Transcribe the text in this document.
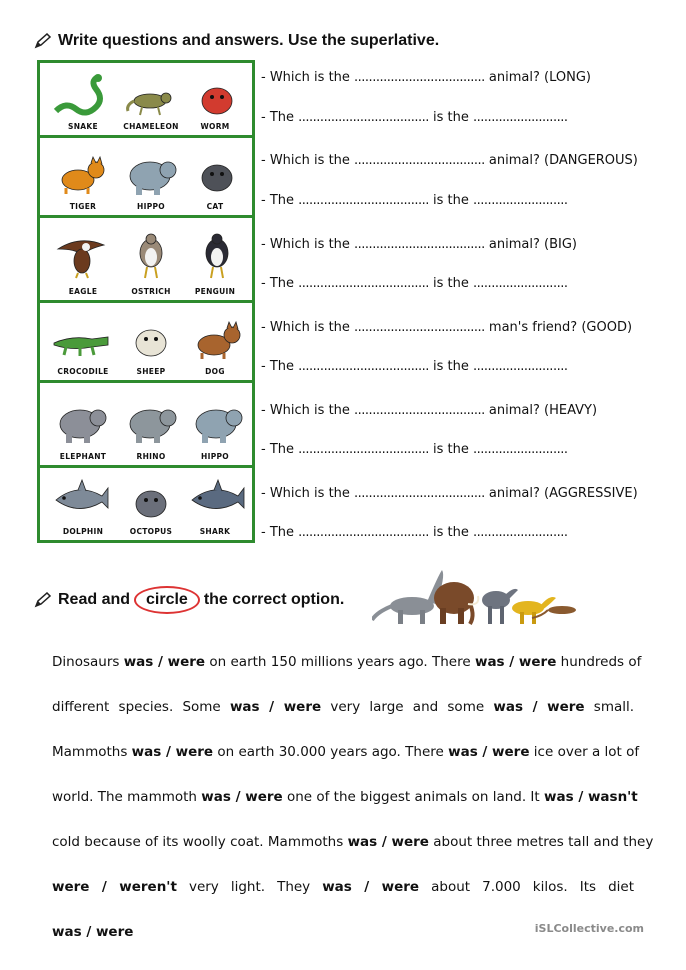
Write questions and answers. Use the superlative.
SNAKE	CHAMELEON	WORM
TIGER	HIPPO	CAT
EAGLE	OSTRICH	PENGUIN
CROCODILE	SHEEP	DOG
ELEPHANT	RHINO	HIPPO
DOLPHIN	OCTOPUS	SHARK
- Which is the .................................... animal? (LONG)
- The .................................... is the ..........................
- Which is the .................................... animal? (DANGEROUS)
- The .................................... is the ..........................
- Which is the .................................... animal? (BIG)
- The .................................... is the ..........................
- Which is the .................................... man's friend? (GOOD)
- The .................................... is the ..........................
- Which is the .................................... animal? (HEAVY)
- The .................................... is the ..........................
- Which is the .................................... animal? (AGGRESSIVE)
- The .................................... is the ..........................
Read and	circle	the correct option.
Dinosaurs was / were on earth 150 millions years ago. There was / were hundreds of
different species. Some was / were very large and some was / were small.
Mammoths was / were on earth 30.000 years ago. There was / were ice over a lot of
world. The mammoth was / were one of the biggest animals on land. It was / wasn't
cold because of its woolly coat. Mammoths was / were about three metres tall and they
were / weren't very light. They was / were about 7.000 kilos. Its diet
was / were	iSLCollective.com
